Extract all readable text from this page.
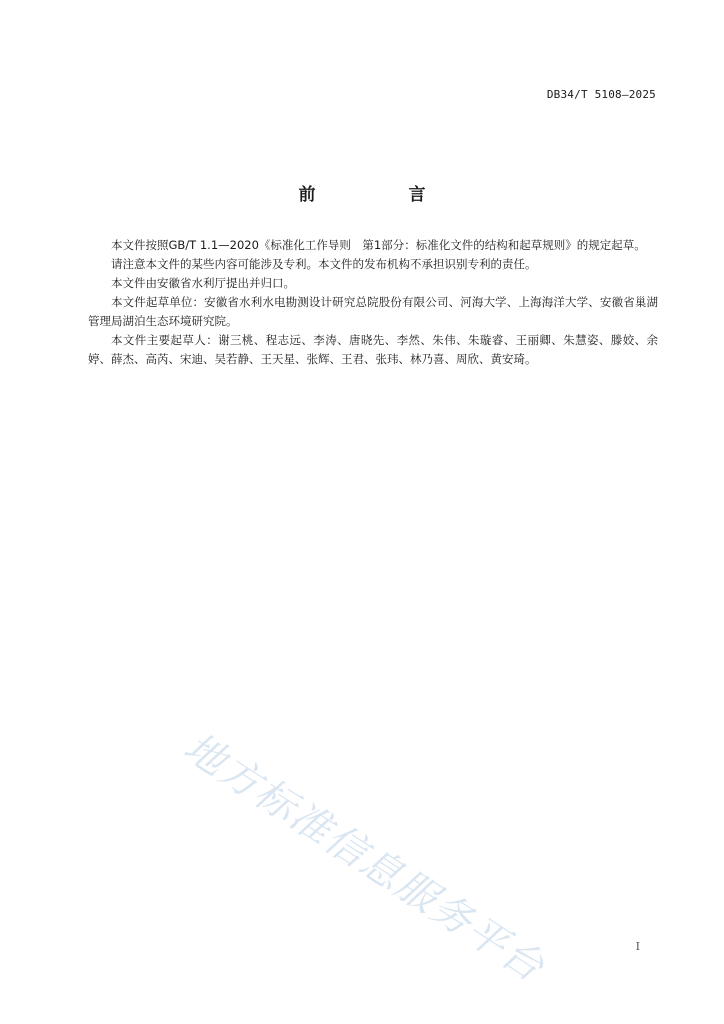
DB34/T 5108—2025
前　言

本文件按照GB/T 1.1—2020《标准化工作导则　第1部分：标准化文件的结构和起草规则》的规定起草。

请注意本文件的某些内容可能涉及专利。本文件的发布机构不承担识别专利的责任。

本文件由安徽省水利厅提出并归口。

本文件起草单位：安徽省水利水电勘测设计研究总院股份有限公司、河海大学、上海海洋大学、安徽省巢湖管理局湖泊生态环境研究院。

本文件主要起草人：谢三桃、程志远、李涛、唐晓先、李然、朱伟、朱璇睿、王丽卿、朱慧姿、滕姣、余婷、薛杰、高芮、宋迪、吴若静、王天星、张辉、王君、张玮、林乃喜、周欣、黄安琦。

地方标准信息服务平台	I
